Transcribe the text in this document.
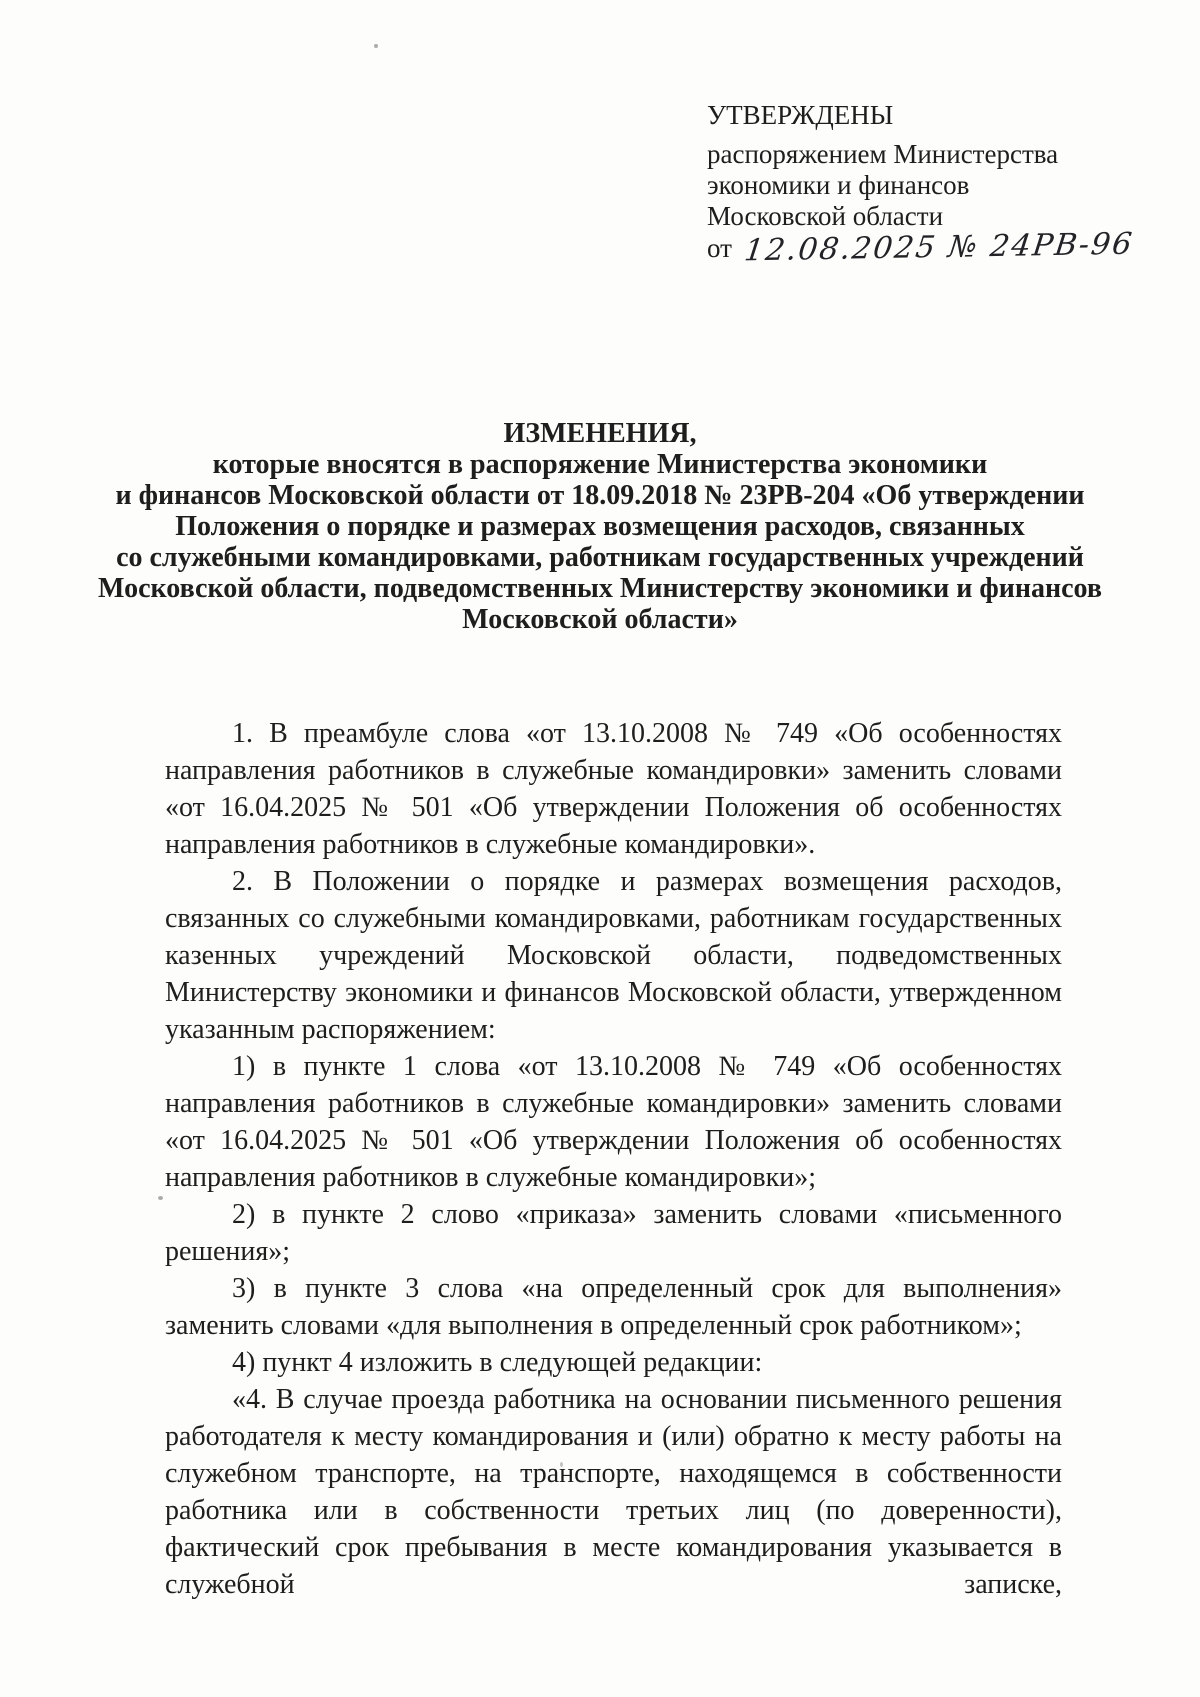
УТВЕРЖДЕНЫ
распоряжением Министерства
экономики и финансов
Московской области
от 12.08.2025 № 24РВ-96
ИЗМЕНЕНИЯ,
которые вносятся в распоряжение Министерства экономики
и финансов Московской области от 18.09.2018 № 23РВ-204 «Об утверждении
Положения о порядке и размерах возмещения расходов, связанных
со служебными командировками, работникам государственных учреждений
Московской области, подведомственных Министерству экономики и финансов
Московской области»

1. В преамбуле слова «от 13.10.2008 № 749 «Об особенностях направления работников в служебные командировки» заменить словами «от 16.04.2025 № 501 «Об утверждении Положения об особенностях направления работников в служебные командировки».

2. В Положении о порядке и размерах возмещения расходов, связанных со служебными командировками, работникам государственных казенных учреждений Московской области, подведомственных Министерству экономики и финансов Московской области, утвержденном указанным распоряжением:

1) в пункте 1 слова «от 13.10.2008 № 749 «Об особенностях направления работников в служебные командировки» заменить словами «от 16.04.2025 № 501 «Об утверждении Положения об особенностях направления работников в служебные командировки»;

2) в пункте 2 слово «приказа» заменить словами «письменного решения»;

3) в пункте 3 слова «на определенный срок для выполнения» заменить словами «для выполнения в определенный срок работником»;

4) пункт 4 изложить в следующей редакции:

«4. В случае проезда работника на основании письменного решения работодателя к месту командирования и (или) обратно к месту работы на служебном транспорте, на транспорте, находящемся в собственности работника или в собственности третьих лиц (по доверенности), фактический срок пребывания в месте командирования указывается в служебной записке,
